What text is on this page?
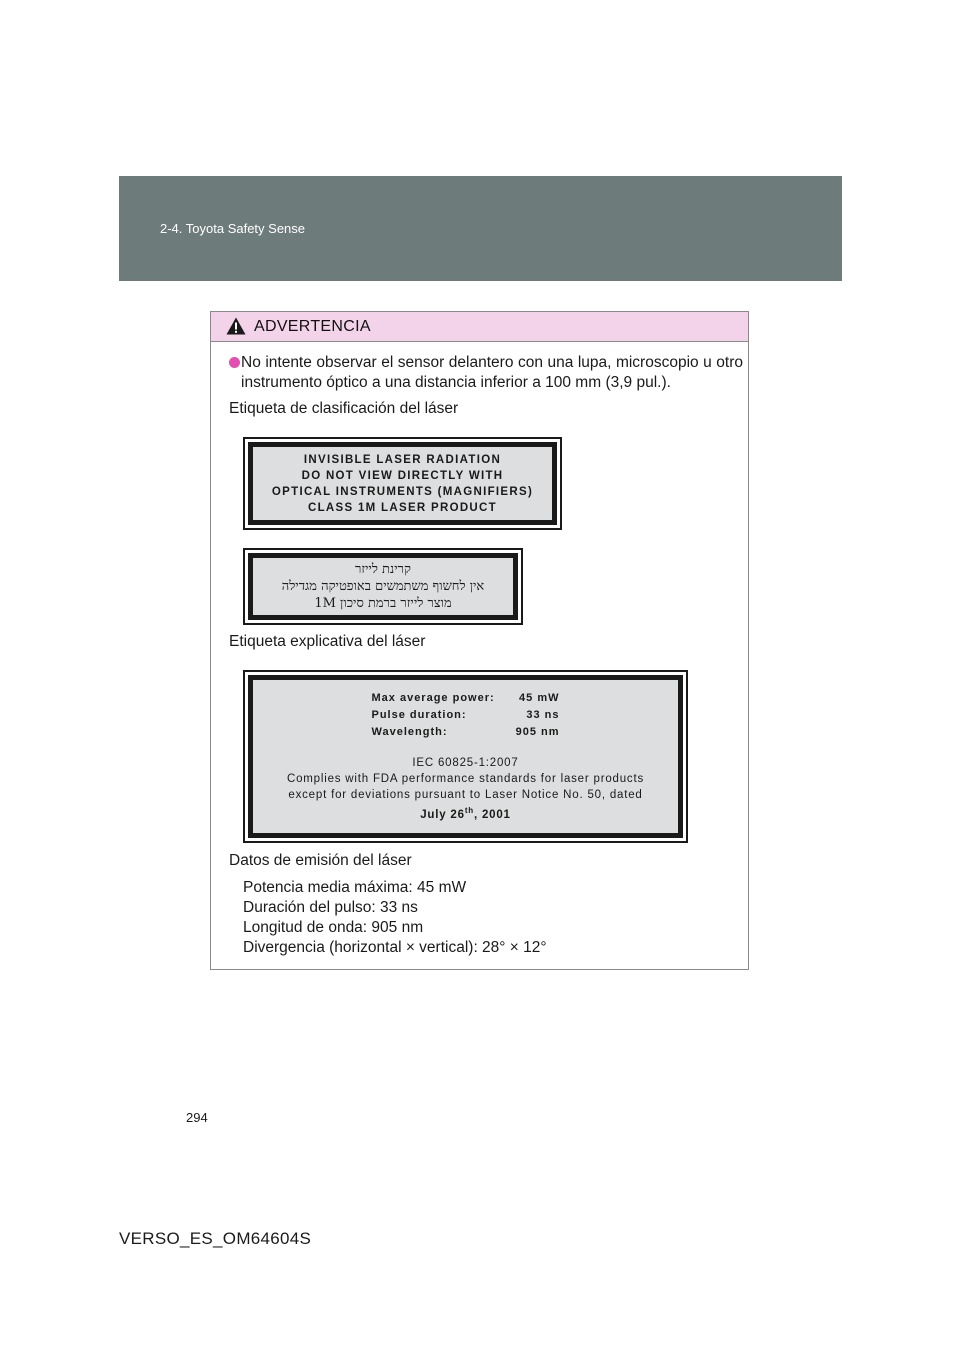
2-4. Toyota Safety Sense
ADVERTENCIA
No intente observar el sensor delantero con una lupa, microscopio u otro instrumento óptico a una distancia inferior a 100 mm (3,9 pul.).
Etiqueta de clasificación del láser
INVISIBLE LASER RADIATION
DO NOT VIEW DIRECTLY WITH
OPTICAL INSTRUMENTS (MAGNIFIERS)
CLASS 1M LASER PRODUCT
קרינת לייזר
אין לחשוף משתמשים באופטיקה מגדילה
מוצר לייזר ברמת סיכון 1M
Etiqueta explicativa del láser
Max average power:	45 mW
Pulse duration:	33 ns
Wavelength:	905 nm
IEC 60825-1:2007
Complies with FDA performance standards for laser products
except for deviations pursuant to Laser Notice No. 50, dated
July 26th, 2001
Datos de emisión del láser
Potencia media máxima: 45 mW
Duración del pulso: 33 ns
Longitud de onda: 905 nm
Divergencia (horizontal × vertical): 28° × 12°
294
VERSO_ES_OM64604S
